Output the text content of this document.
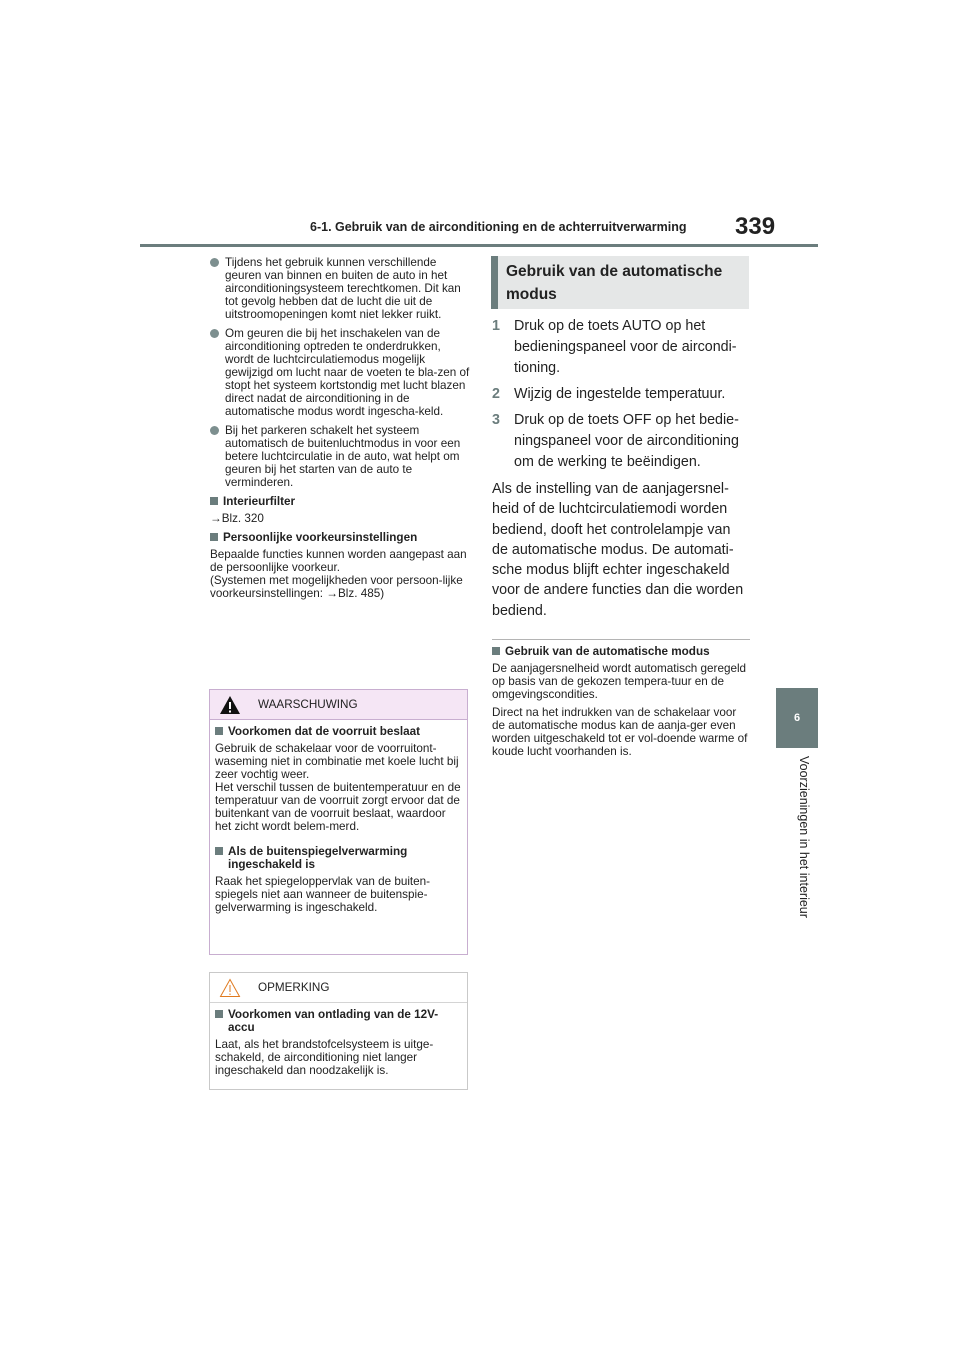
6-1. Gebruik van de airconditioning en de achterruitverwarming 339
6
Voorzieningen in het interieur
Tijdens het gebruik kunnen verschillende geuren van binnen en buiten de auto in het airconditioningsysteem terechtkomen. Dit kan tot gevolg hebben dat de lucht die uit de uitstroomopeningen komt niet lekker ruikt.
Om geuren die bij het inschakelen van de airconditioning optreden te onderdrukken, wordt de luchtcirculatiemodus mogelijk gewijzigd om lucht naar de voeten te bla-zen of stopt het systeem kortstondig met lucht blazen direct nadat de airconditioning in de automatische modus wordt ingescha-keld.
Bij het parkeren schakelt het systeem automatisch de buitenluchtmodus in voor een betere luchtcirculatie in de auto, wat helpt om geuren bij het starten van de auto te verminderen.
Interieurfilter
→Blz. 320
Persoonlijke voorkeursinstellingen
Bepaalde functies kunnen worden aangepast aan de persoonlijke voorkeur.
(Systemen met mogelijkheden voor persoon-lijke voorkeursinstellingen: →Blz. 485)
WAARSCHUWING
Voorkomen dat de voorruit beslaat
Gebruik de schakelaar voor de voorruitont-waseming niet in combinatie met koele lucht bij zeer vochtig weer.
Het verschil tussen de buitentemperatuur en de temperatuur van de voorruit zorgt ervoor dat de buitenkant van de voorruit beslaat, waardoor het zicht wordt belem-merd.
Als de buitenspiegelverwarming ingeschakeld is
Raak het spiegeloppervlak van de buiten-spiegels niet aan wanneer de buitenspie-gelverwarming is ingeschakeld.
OPMERKING
Voorkomen van ontlading van de 12V-accu
Laat, als het brandstofcelsysteem is uitge-schakeld, de airconditioning niet langer ingeschakeld dan noodzakelijk is.
Gebruik van de automatische modus
1 Druk op de toets AUTO op het bedieningspaneel voor de aircondi-tioning.
2 Wijzig de ingestelde temperatuur.
3 Druk op de toets OFF op het bedie-ningspaneel voor de airconditioning om de werking te beëindigen.
Als de instelling van de aanjagersnel-heid of de luchtcirculatiemodi worden bediend, dooft het controlelampje van de automatische modus. De automati-sche modus blijft echter ingeschakeld voor de andere functies dan die worden bediend.
Gebruik van de automatische modus
De aanjagersnelheid wordt automatisch geregeld op basis van de gekozen tempera-tuur en de omgevingscondities.
Direct na het indrukken van de schakelaar voor de automatische modus kan de aanja-ger even worden uitgeschakeld tot er vol-doende warme of koude lucht voorhanden is.
